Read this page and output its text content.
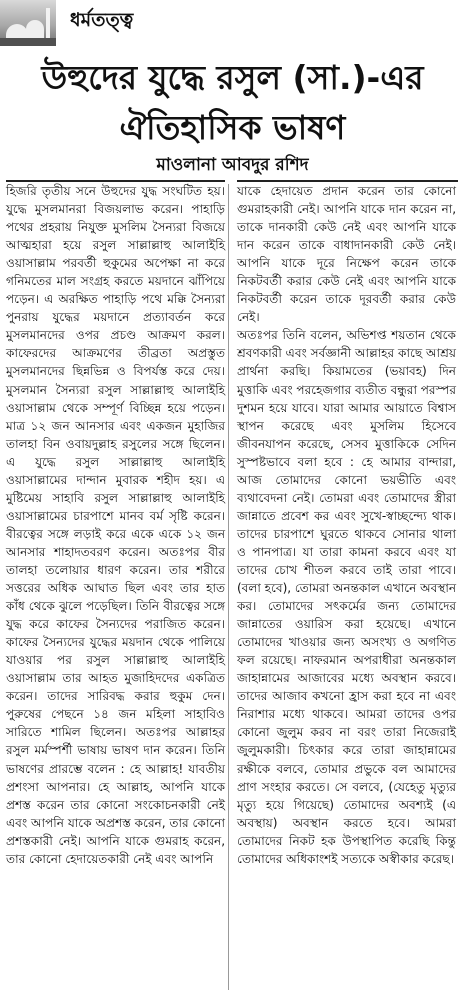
ধর্মতত্ত্ব
উহুদের যুদ্ধে রসুল (সা.)-এর
ঐতিহাসিক ভাষণ
মাওলানা আবদুর রশিদ

হিজরি তৃতীয় সনে উহুদের যুদ্ধ সংঘটিত হয়। যুদ্ধে মুসলমানরা বিজয়লাভ করেন। পাহাড়ি পথের প্রহরায় নিযুক্ত মুসলিম সৈন্যরা বিজয়ে আত্মহারা হয়ে রসুল সাল্লাল্লাহু আলাইহি ওয়াসাল্লাম পরবর্তী হুকুমের অপেক্ষা না করে গনিমতের মাল সংগ্রহ করতে ময়দানে ঝাঁপিয়ে পড়েন। এ অরক্ষিত পাহাড়ি পথে মক্কি সৈন্যরা পুনরায় যুদ্ধের ময়দানে প্রত্যাবর্তন করে মুসলমানদের ওপর প্রচণ্ড আক্রমণ করল। কাফেরদের আক্রমণের তীব্রতা অপ্রস্তুত মুসলমানদের ছিন্নভিন্ন ও বিপর্যস্ত করে দেয়। মুসলমান সৈন্যরা রসুল সাল্লাল্লাহু আলাইহি ওয়াসাল্লাম থেকে সম্পূর্ণ বিচ্ছিন্ন হয়ে পড়েন। মাত্র ১২ জন আনসার এবং একজন মুহাজির তালহা বিন ওবায়দুল্লাহ রসুলের সঙ্গে ছিলেন। এ যুদ্ধে রসুল সাল্লাল্লাহু আলাইহি ওয়াসাল্লামের দান্দান মুবারক শহীদ হয়। এ মুষ্টিমেয় সাহাবি রসুল সাল্লাল্লাহু আলাইহি ওয়াসাল্লামের চারপাশে মানব বর্ম সৃষ্টি করেন। বীরত্বের সঙ্গে লড়াই করে একে একে ১২ জন আনসার শাহাদতবরণ করেন। অতঃপর বীর তালহা তলোয়ার ধারণ করেন। তার শরীরে সত্তরের অধিক আঘাত ছিল এবং তার হাত কাঁধ থেকে ঝুলে পড়েছিল। তিনি বীরত্বের সঙ্গে যুদ্ধ করে কাফের সৈন্যদের পরাজিত করেন। কাফের সৈন্যদের যুদ্ধের ময়দান থেকে পালিয়ে যাওয়ার পর রসুল সাল্লাল্লাহু আলাইহি ওয়াসাল্লাম তার আহত মুজাহিদদের একত্রিত করেন। তাদের সারিবদ্ধ করার হুকুম দেন। পুরুষের পেছনে ১৪ জন মহিলা সাহাবিও সারিতে শামিল ছিলেন। অতঃপর আল্লাহর রসুল মর্মস্পর্শী ভাষায় ভাষণ দান করেন। তিনি ভাষণের প্রারম্ভে বলেন : হে আল্লাহ! যাবতীয় প্রশংসা আপনার। হে আল্লাহ, আপনি যাকে প্রশস্ত করেন তার কোনো সংকোচনকারী নেই এবং আপনি যাকে অপ্রশস্ত করেন, তার কোনো প্রশস্তকারী নেই। আপনি যাকে গুমরাহ করেন, তার কোনো হেদায়েতকারী নেই এবং আপনি

যাকে হেদায়েত প্রদান করেন তার কোনো গুমরাহকারী নেই। আপনি যাকে দান করেন না, তাকে দানকারী কেউ নেই এবং আপনি যাকে দান করেন তাকে বাধাদানকারী কেউ নেই। আপনি যাকে দূরে নিক্ষেপ করেন তাকে নিকটবর্তী করার কেউ নেই এবং আপনি যাকে নিকটবর্তী করেন তাকে দূরবর্তী করার কেউ নেই।

অতঃপর তিনি বলেন, অভিশপ্ত শয়তান থেকে শ্রবণকারী এবং সর্বজ্ঞানী আল্লাহর কাছে আশ্রয় প্রার্থনা করছি। কিয়ামতের (ভয়াবহ) দিন মুত্তাকি এবং পরহেজগার ব্যতীত বন্ধুরা পরস্পর দুশমন হয়ে যাবে। যারা আমার আয়াতে বিশ্বাস স্থাপন করেছে এবং মুসলিম হিসেবে জীবনযাপন করেছে, সেসব মুত্তাকিকে সেদিন সুস্পষ্টভাবে বলা হবে : হে আমার বান্দারা, আজ তোমাদের কোনো ভয়ভীতি এবং ব্যথাবেদনা নেই। তোমরা এবং তোমাদের স্ত্রীরা জান্নাতে প্রবেশ কর এবং সুখে-স্বাচ্ছন্দ্যে থাক। তাদের চারপাশে ঘুরতে থাকবে সোনার থালা ও পানপাত্র। যা তারা কামনা করবে এবং যা তাদের চোখ শীতল করবে তাই তারা পাবে। (বলা হবে), তোমরা অনন্তকাল এখানে অবস্থান কর। তোমাদের সৎকর্মের জন্য তোমাদের জান্নাতের ওয়ারিস করা হয়েছে। এখানে তোমাদের খাওয়ার জন্য অসংখ্য ও অগণিত ফল রয়েছে। নাফরমান অপরাধীরা অনন্তকাল জাহান্নামের আজাবের মধ্যে অবস্থান করবে। তাদের আজাব কখনো হ্রাস করা হবে না এবং নিরাশার মধ্যে থাকবে। আমরা তাদের ওপর কোনো জুলুম করব না বরং তারা নিজেরাই জুলুমকারী। চিৎকার করে তারা জাহান্নামের রক্ষীকে বলবে, তোমার প্রভুকে বল আমাদের প্রাণ সংহার করতে। সে বলবে, (যেহেতু মৃত্যুর মৃত্যু হয়ে গিয়েছে) তোমাদের অবশ্যই (এ অবস্থায়) অবস্থান করতে হবে। আমরা তোমাদের নিকট হক উপস্থাপিত করেছি কিন্তু তোমাদের অধিকাংশই সত্যকে অস্বীকার করেছ।
